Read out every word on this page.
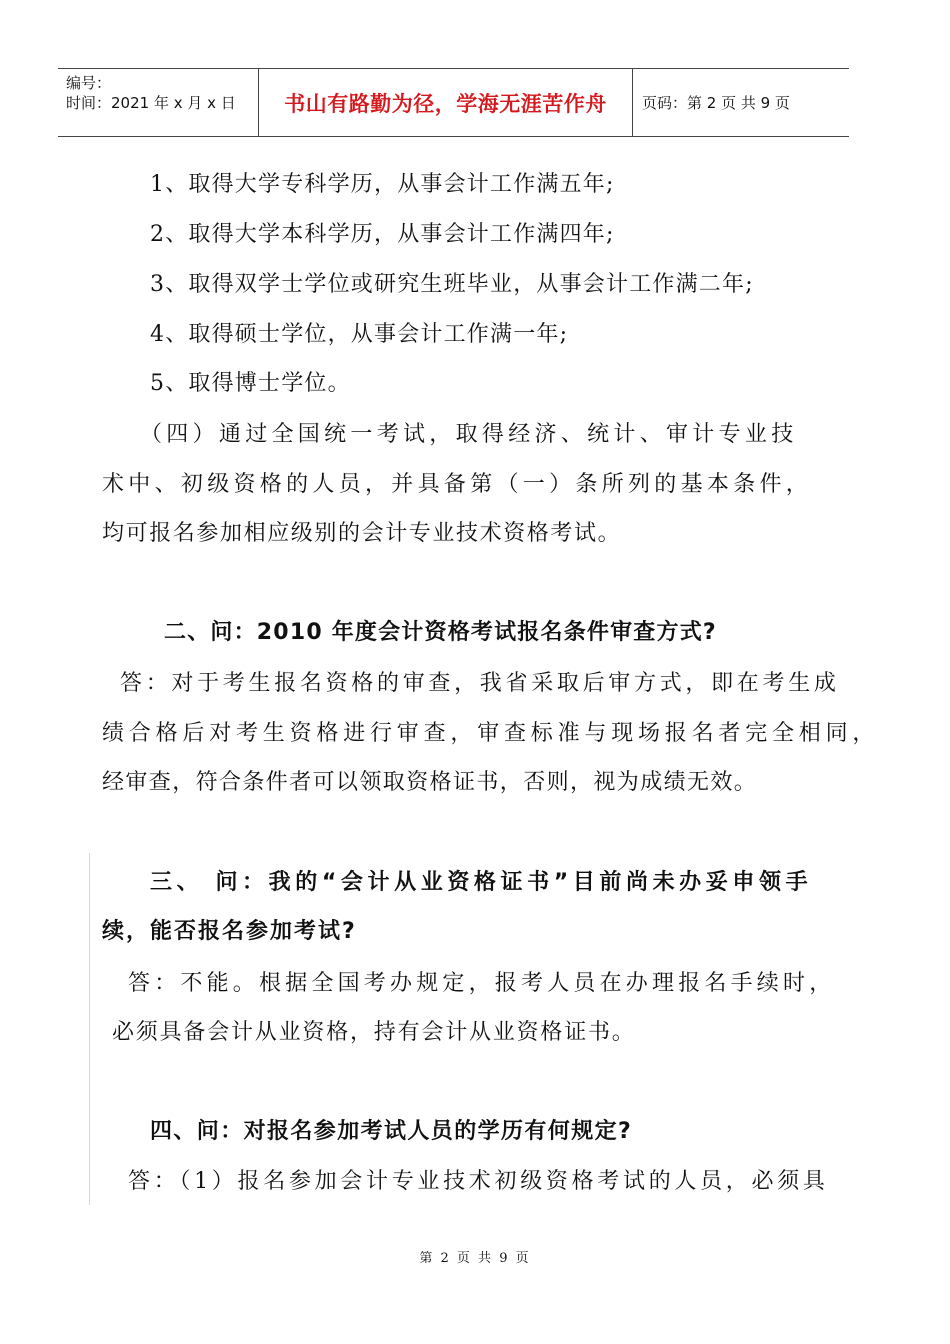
编号：
时间：2021 年 x 月 x 日	书山有路勤为径，学海无涯苦作舟	页码：第 2 页 共 9 页
1、取得大学专科学历，从事会计工作满五年;
2、取得大学本科学历，从事会计工作满四年;
3、取得双学士学位或研究生班毕业，从事会计工作满二年;
4、取得硕士学位，从事会计工作满一年;
5、取得博士学位。
（四）通过全国统一考试，取得经济、统计、审计专业技
术中、初级资格的人员，并具备第（一）条所列的基本条件，
均可报名参加相应级别的会计专业技术资格考试。
二、问：2010 年度会计资格考试报名条件审查方式?
答：对于考生报名资格的审查，我省采取后审方式，即在考生成
绩合格后对考生资格进行审查，审查标准与现场报名者完全相同，
经审查，符合条件者可以领取资格证书，否则，视为成绩无效。
三、 问：我的“会计从业资格证书”目前尚未办妥申领手
续，能否报名参加考试?
答：不能。根据全国考办规定，报考人员在办理报名手续时，
必须具备会计从业资格，持有会计从业资格证书。
四、问：对报名参加考试人员的学历有何规定?
答：（1）报名参加会计专业技术初级资格考试的人员，必须具
第 2 页 共 9 页
